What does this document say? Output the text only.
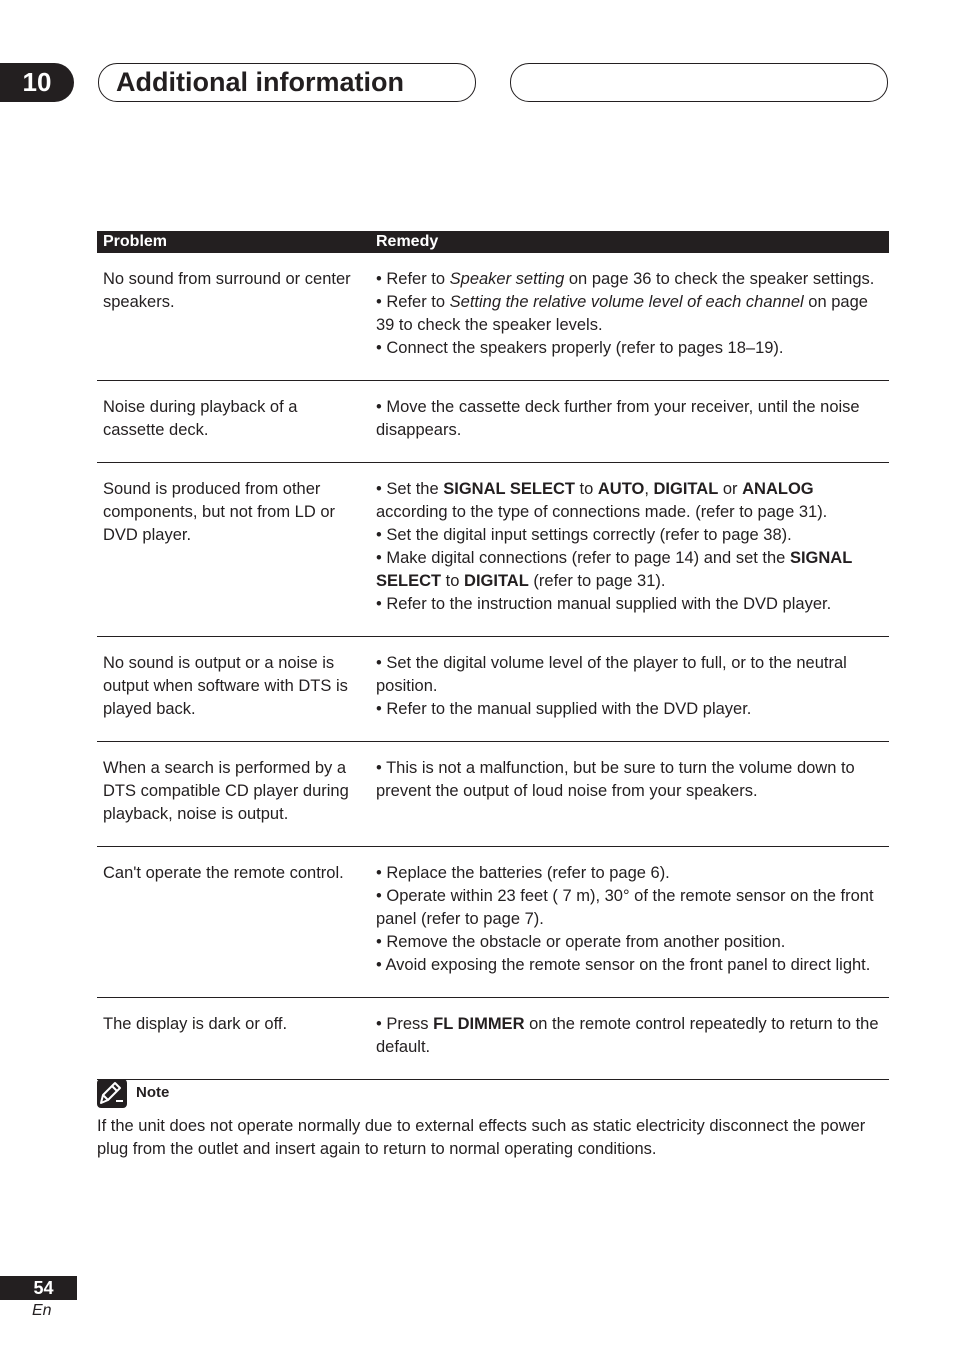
10	Additional information
Problem	Remedy
No sound from surround or center speakers.	• Refer to Speaker setting on page 36 to check the speaker settings.
• Refer to Setting the relative volume level of each channel on page 39 to check the speaker levels.
• Connect the speakers properly (refer to pages 18–19).

Noise during playback of a cassette deck.	• Move the cassette deck further from your receiver, until the noise disappears.

Sound is produced from other components, but not from LD or DVD player.	• Set the SIGNAL SELECT to AUTO, DIGITAL or ANALOG according to the type of connections made. (refer to page 31).
• Set the digital input settings correctly (refer to page 38).
• Make digital connections (refer to page 14) and set the SIGNAL SELECT to DIGITAL (refer to page 31).
• Refer to the instruction manual supplied with the DVD player.

No sound is output or a noise is output when software with DTS is played back.	• Set the digital volume level of the player to full, or to the neutral position.
• Refer to the manual supplied with the DVD player.

When a search is performed by a DTS compatible CD player during playback, noise is output.	• This is not a malfunction, but be sure to turn the volume down to prevent the output of loud noise from your speakers.

Can't operate the remote control.	• Replace the batteries (refer to page 6).
• Operate within 23 feet ( 7 m), 30° of the remote sensor on the front panel (refer to page 7).
• Remove the obstacle or operate from another position.
• Avoid exposing the remote sensor on the front panel to direct light.

The display is dark or off.	• Press FL DIMMER on the remote control repeatedly to return to the default.
Note
If the unit does not operate normally due to external effects such as static electricity disconnect the power plug from the outlet and insert again to return to normal operating conditions.
54
En
